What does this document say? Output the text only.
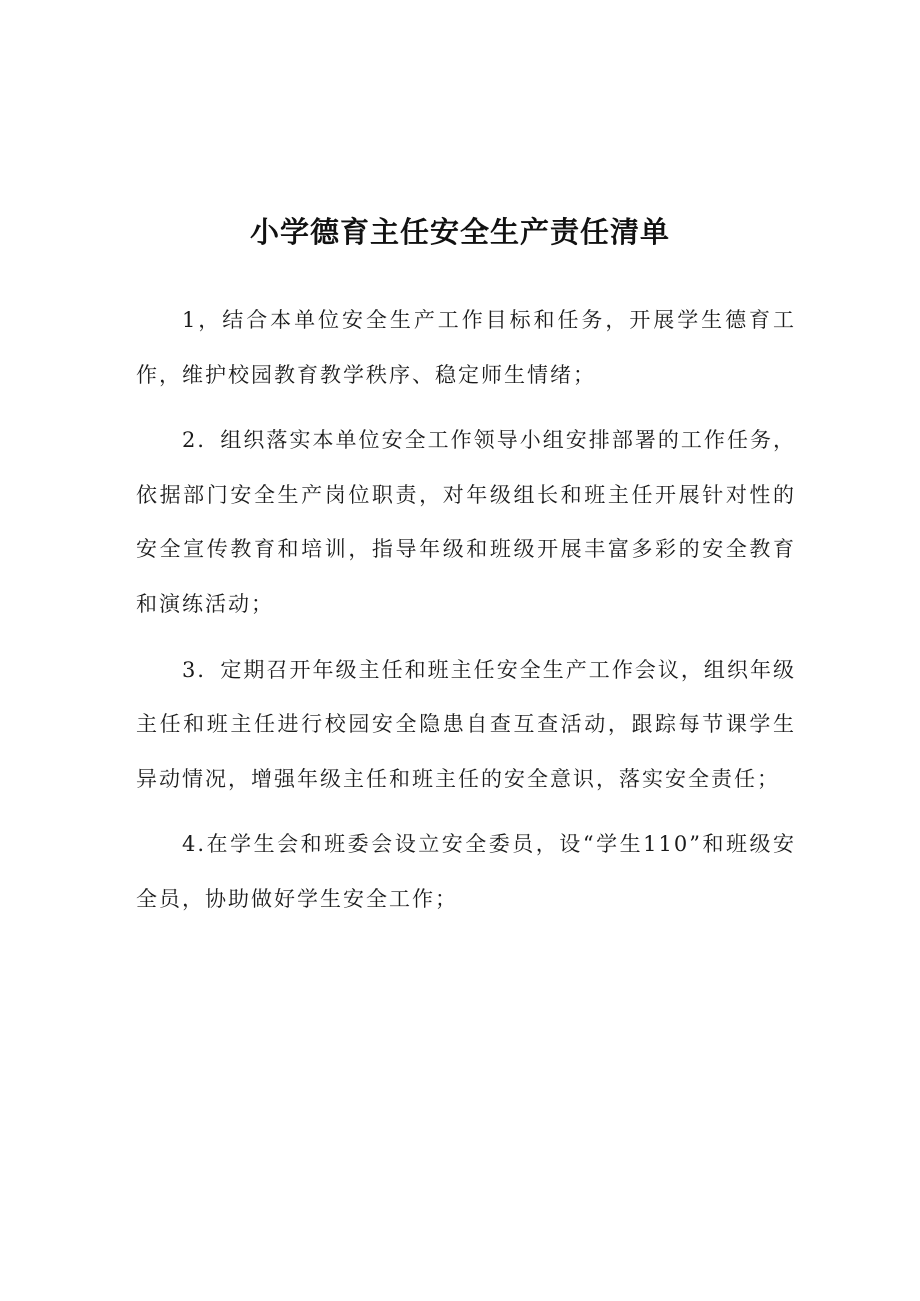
小学德育主任安全生产责任清单

1，结合本单位安全生产工作目标和任务，开展学生德育工作，维护校园教育教学秩序、稳定师生情绪；

2．组织落实本单位安全工作领导小组安排部署的工作任务，依据部门安全生产岗位职责，对年级组长和班主任开展针对性的安全宣传教育和培训，指导年级和班级开展丰富多彩的安全教育和演练活动；

3．定期召开年级主任和班主任安全生产工作会议，组织年级主任和班主任进行校园安全隐患自查互查活动，跟踪每节课学生异动情况，增强年级主任和班主任的安全意识，落实安全责任；

4.在学生会和班委会设立安全委员，设“学生110”和班级安全员，协助做好学生安全工作；
